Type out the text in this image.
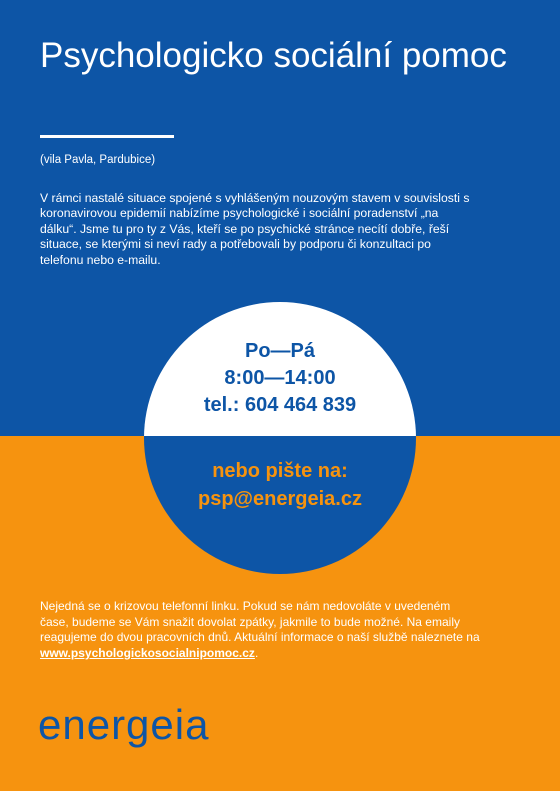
Psychologicko sociální pomoc
(vila Pavla, Pardubice)

V rámci nastalé situace spojené s vyhlášeným nouzovým stavem v souvislosti s koronavirovou epidemií nabízíme psychologické i sociální poradenství „na dálku“. Jsme tu pro ty z Vás, kteří se po psychické stránce necítí dobře, řeší situace, se kterými si neví rady a potřebovali by podporu či konzultaci po telefonu nebo e-mailu.

Po—Pá
8:00—14:00
tel.: 604 464 839
nebo pište na:
psp@energeia.cz

Nejedná se o krizovou telefonní linku. Pokud se nám nedovoláte v uvedeném čase, budeme se Vám snažit dovolat zpátky, jakmile to bude možné. Na emaily reagujeme do dvou pracovních dnů. Aktuální informace o naší službě naleznete na www.psychologickosocialnipomoc.cz.

energeia
